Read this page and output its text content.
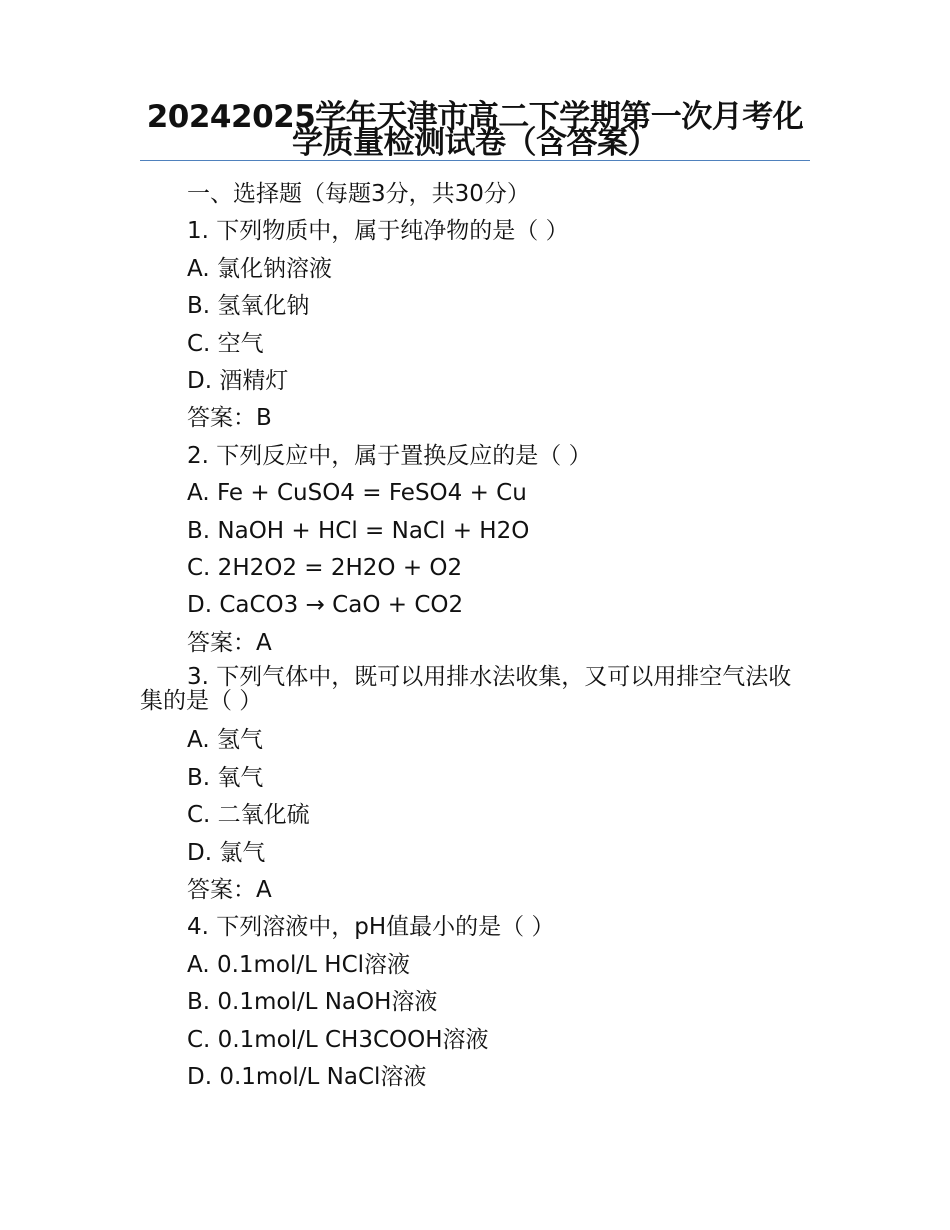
20242025学年天津市高二下学期第一次月考化学质量检测试卷（含答案）
一、选择题（每题3分，共30分）
1. 下列物质中，属于纯净物的是（ ）
A. 氯化钠溶液
B. 氢氧化钠
C. 空气
D. 酒精灯
答案：B
2. 下列反应中，属于置换反应的是（ ）
A. Fe + CuSO4 = FeSO4 + Cu
B. NaOH + HCl = NaCl + H2O
C. 2H2O2 = 2H2O + O2
D. CaCO3 → CaO + CO2
答案：A
3. 下列气体中，既可以用排水法收集，又可以用排空气法收集的是（ ）
A. 氢气
B. 氧气
C. 二氧化硫
D. 氯气
答案：A
4. 下列溶液中，pH值最小的是（ ）
A. 0.1mol/L HCl溶液
B. 0.1mol/L NaOH溶液
C. 0.1mol/L CH3COOH溶液
D. 0.1mol/L NaCl溶液
